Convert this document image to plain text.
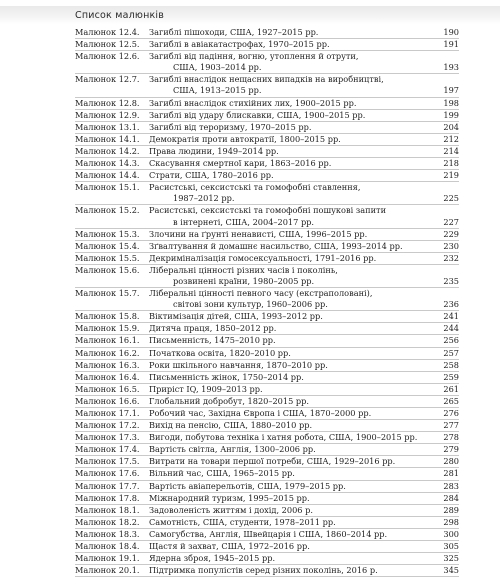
Список малюнків
Малюнок 12.4.	Загиблі пішоходи, США, 1927–2015 рр.	190
Малюнок 12.5.	Загиблі в авіакатастрофах, 1970–2015 рр.	191
Малюнок 12.6.	Загиблі від падіння, вогню, утоплення й отрути,
США, 1903–2014 рр.	193
Малюнок 12.7.	Загиблі внаслідок нещасних випадків на виробництві,
США, 1913–2015 рр.	197
Малюнок 12.8.	Загиблі внаслідок стихійних лих, 1900–2015 рр.	198
Малюнок 12.9.	Загиблі від удару блискавки, США, 1900–2015 рр.	199
Малюнок 13.1.	Загиблі від тероризму, 1970–2015 рр.	204
Малюнок 14.1.	Демократія проти автократії, 1800–2015 рр.	212
Малюнок 14.2.	Права людини, 1949–2014 рр.	214
Малюнок 14.3.	Скасування смертної кари, 1863–2016 рр.	218
Малюнок 14.4.	Страти, США, 1780–2016 рр.	219
Малюнок 15.1.	Расистські, сексистські та гомофобні ставлення,
1987–2012 рр.	225
Малюнок 15.2.	Расистські, сексистські та гомофобні пошукові запити
в інтернеті, США, 2004–2017 рр.	227
Малюнок 15.3.	Злочини на ґрунті ненависті, США, 1996–2015 рр.	229
Малюнок 15.4.	Зґвалтування й домашнє насильство, США, 1993–2014 рр.	230
Малюнок 15.5.	Декриміналізація гомосексуальності, 1791–2016 рр.	232
Малюнок 15.6.	Ліберальні цінності різних часів і поколінь,
розвинені країни, 1980–2005 рр.	235
Малюнок 15.7.	Ліберальні цінності певного часу (екстраполовані),
світові зони культур, 1960–2006 рр.	236
Малюнок 15.8.	Віктимізація дітей, США, 1993–2012 рр.	241
Малюнок 15.9.	Дитяча праця, 1850–2012 рр.	244
Малюнок 16.1.	Письменність, 1475–2010 рр.	256
Малюнок 16.2.	Початкова освіта, 1820–2010 рр.	257
Малюнок 16.3.	Роки шкільного навчання, 1870–2010 рр.	258
Малюнок 16.4.	Письменність жінок, 1750–2014 рр.	259
Малюнок 16.5.	Приріст IQ, 1909–2013 рр.	261
Малюнок 16.6.	Глобальний добробут, 1820–2015 рр.	265
Малюнок 17.1.	Робочий час, Західна Європа і США, 1870–2000 рр.	276
Малюнок 17.2.	Вихід на пенсію, США, 1880–2010 рр.	277
Малюнок 17.3.	Вигоди, побутова техніка і хатня робота, США, 1900–2015 рр.	278
Малюнок 17.4.	Вартість світла, Англія, 1300–2006 рр.	279
Малюнок 17.5.	Витрати на товари першої потреби, США, 1929–2016 рр.	280
Малюнок 17.6.	Вільний час, США, 1965–2015 рр.	281
Малюнок 17.7.	Вартість авіаперельотів, США, 1979–2015 рр.	283
Малюнок 17.8.	Міжнародний туризм, 1995–2015 рр.	284
Малюнок 18.1.	Задоволеність життям і дохід, 2006 р.	289
Малюнок 18.2.	Самотність, США, студенти, 1978–2011 рр.	298
Малюнок 18.3.	Самогубства, Англія, Швейцарія і США, 1860–2014 рр.	300
Малюнок 18.4.	Щастя й захват, США, 1972–2016 рр.	305
Малюнок 19.1.	Ядерна зброя, 1945–2015 рр.	325
Малюнок 20.1.	Підтримка популістів серед різних поколінь, 2016 р.	345
